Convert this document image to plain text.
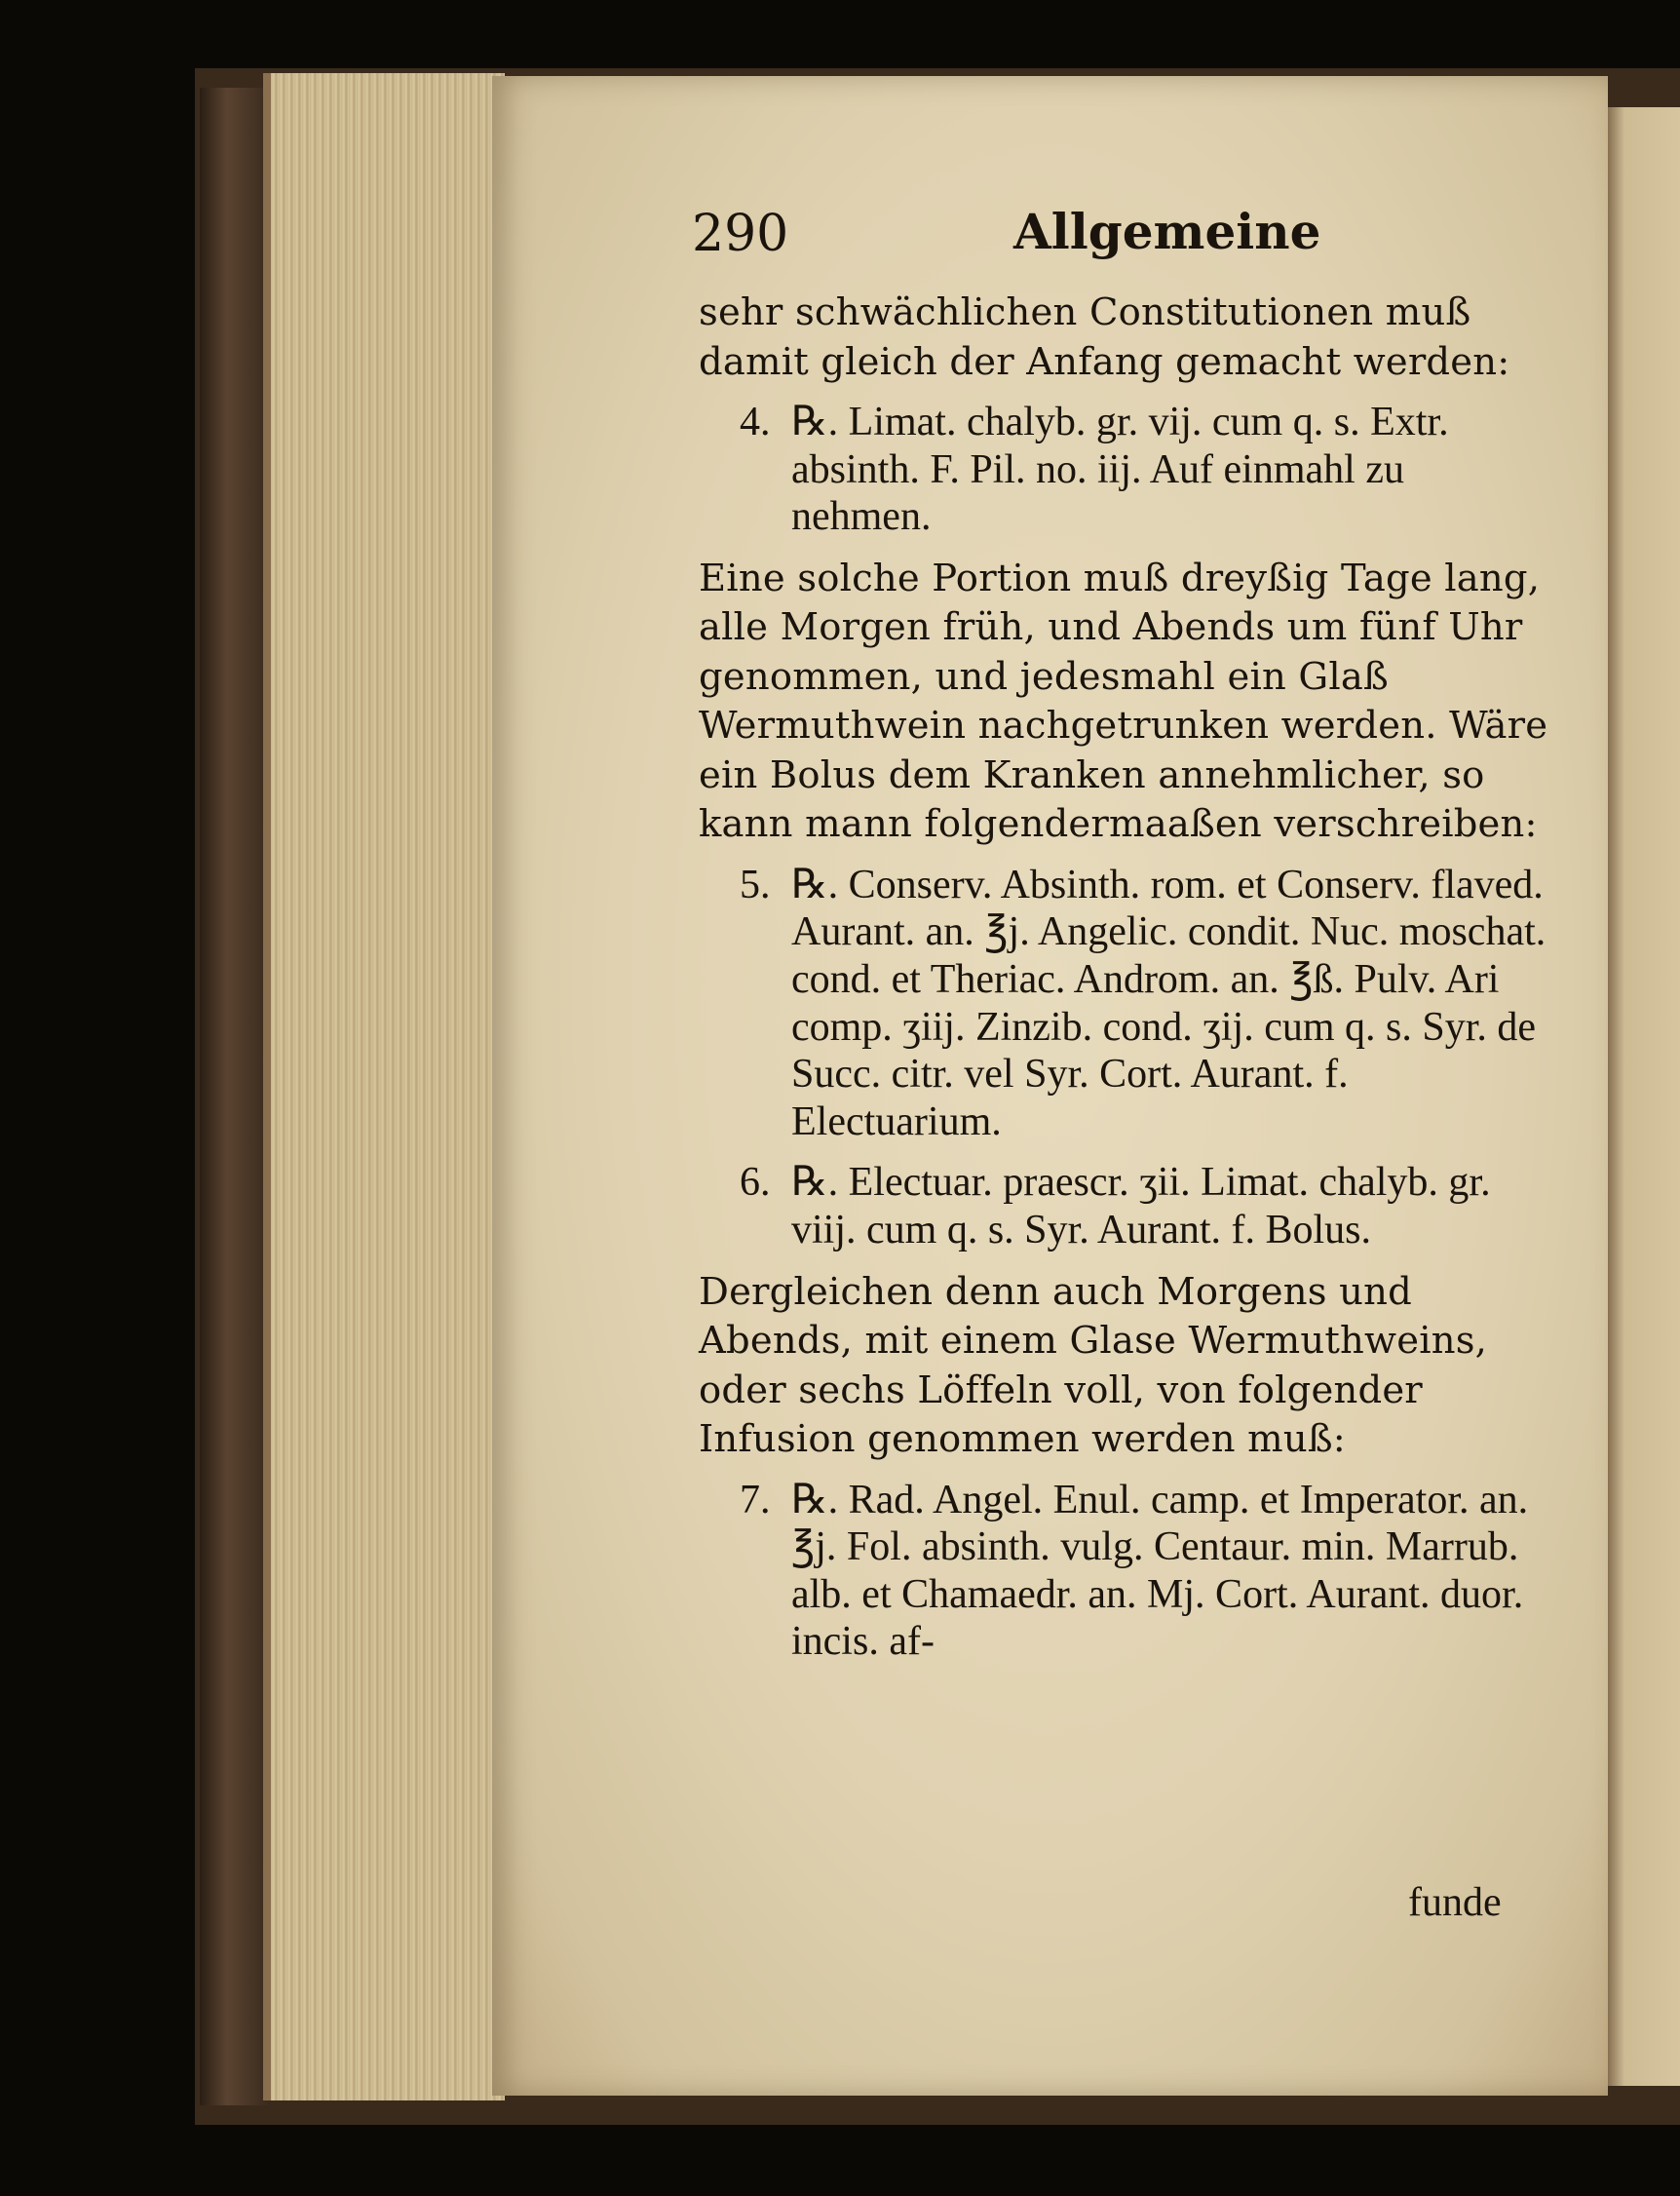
290	Allgemeine

sehr schwächlichen Constitutionen muß damit gleich der Anfang gemacht werden:

4. ℞. Limat. chalyb. gr. vij. cum q. s. Extr. absinth. F. Pil. no. iij. Auf einmahl zu nehmen.

Eine solche Portion muß dreyßig Tage lang, alle Morgen früh, und Abends um fünf Uhr genommen, und jedesmahl ein Glaß Wermuthwein nachgetrunken werden. Wäre ein Bolus dem Kranken annehmlicher, so kann mann folgendermaaßen verschreiben:

5. ℞. Conserv. Absinth. rom. et Conserv. flaved. Aurant. an. ℥j. Angelic. condit. Nuc. moschat. cond. et Theriac. Androm. an. ℥ß. Pulv. Ari comp. ʒiij. Zinzib. cond. ʒij. cum q. s. Syr. de Succ. citr. vel Syr. Cort. Aurant. f. Electuarium.
6. ℞. Electuar. praescr. ʒii. Limat. chalyb. gr. viij. cum q. s. Syr. Aurant. f. Bolus.

Dergleichen denn auch Morgens und Abends, mit einem Glase Wermuthweins, oder sechs Löffeln voll, von folgender Infusion genommen werden muß:

7. ℞. Rad. Angel. Enul. camp. et Imperator. an. ℥j. Fol. absinth. vulg. Centaur. min. Marrub. alb. et Chamaedr. an. Mj. Cort. Aurant. duor. incis. af-
funde
